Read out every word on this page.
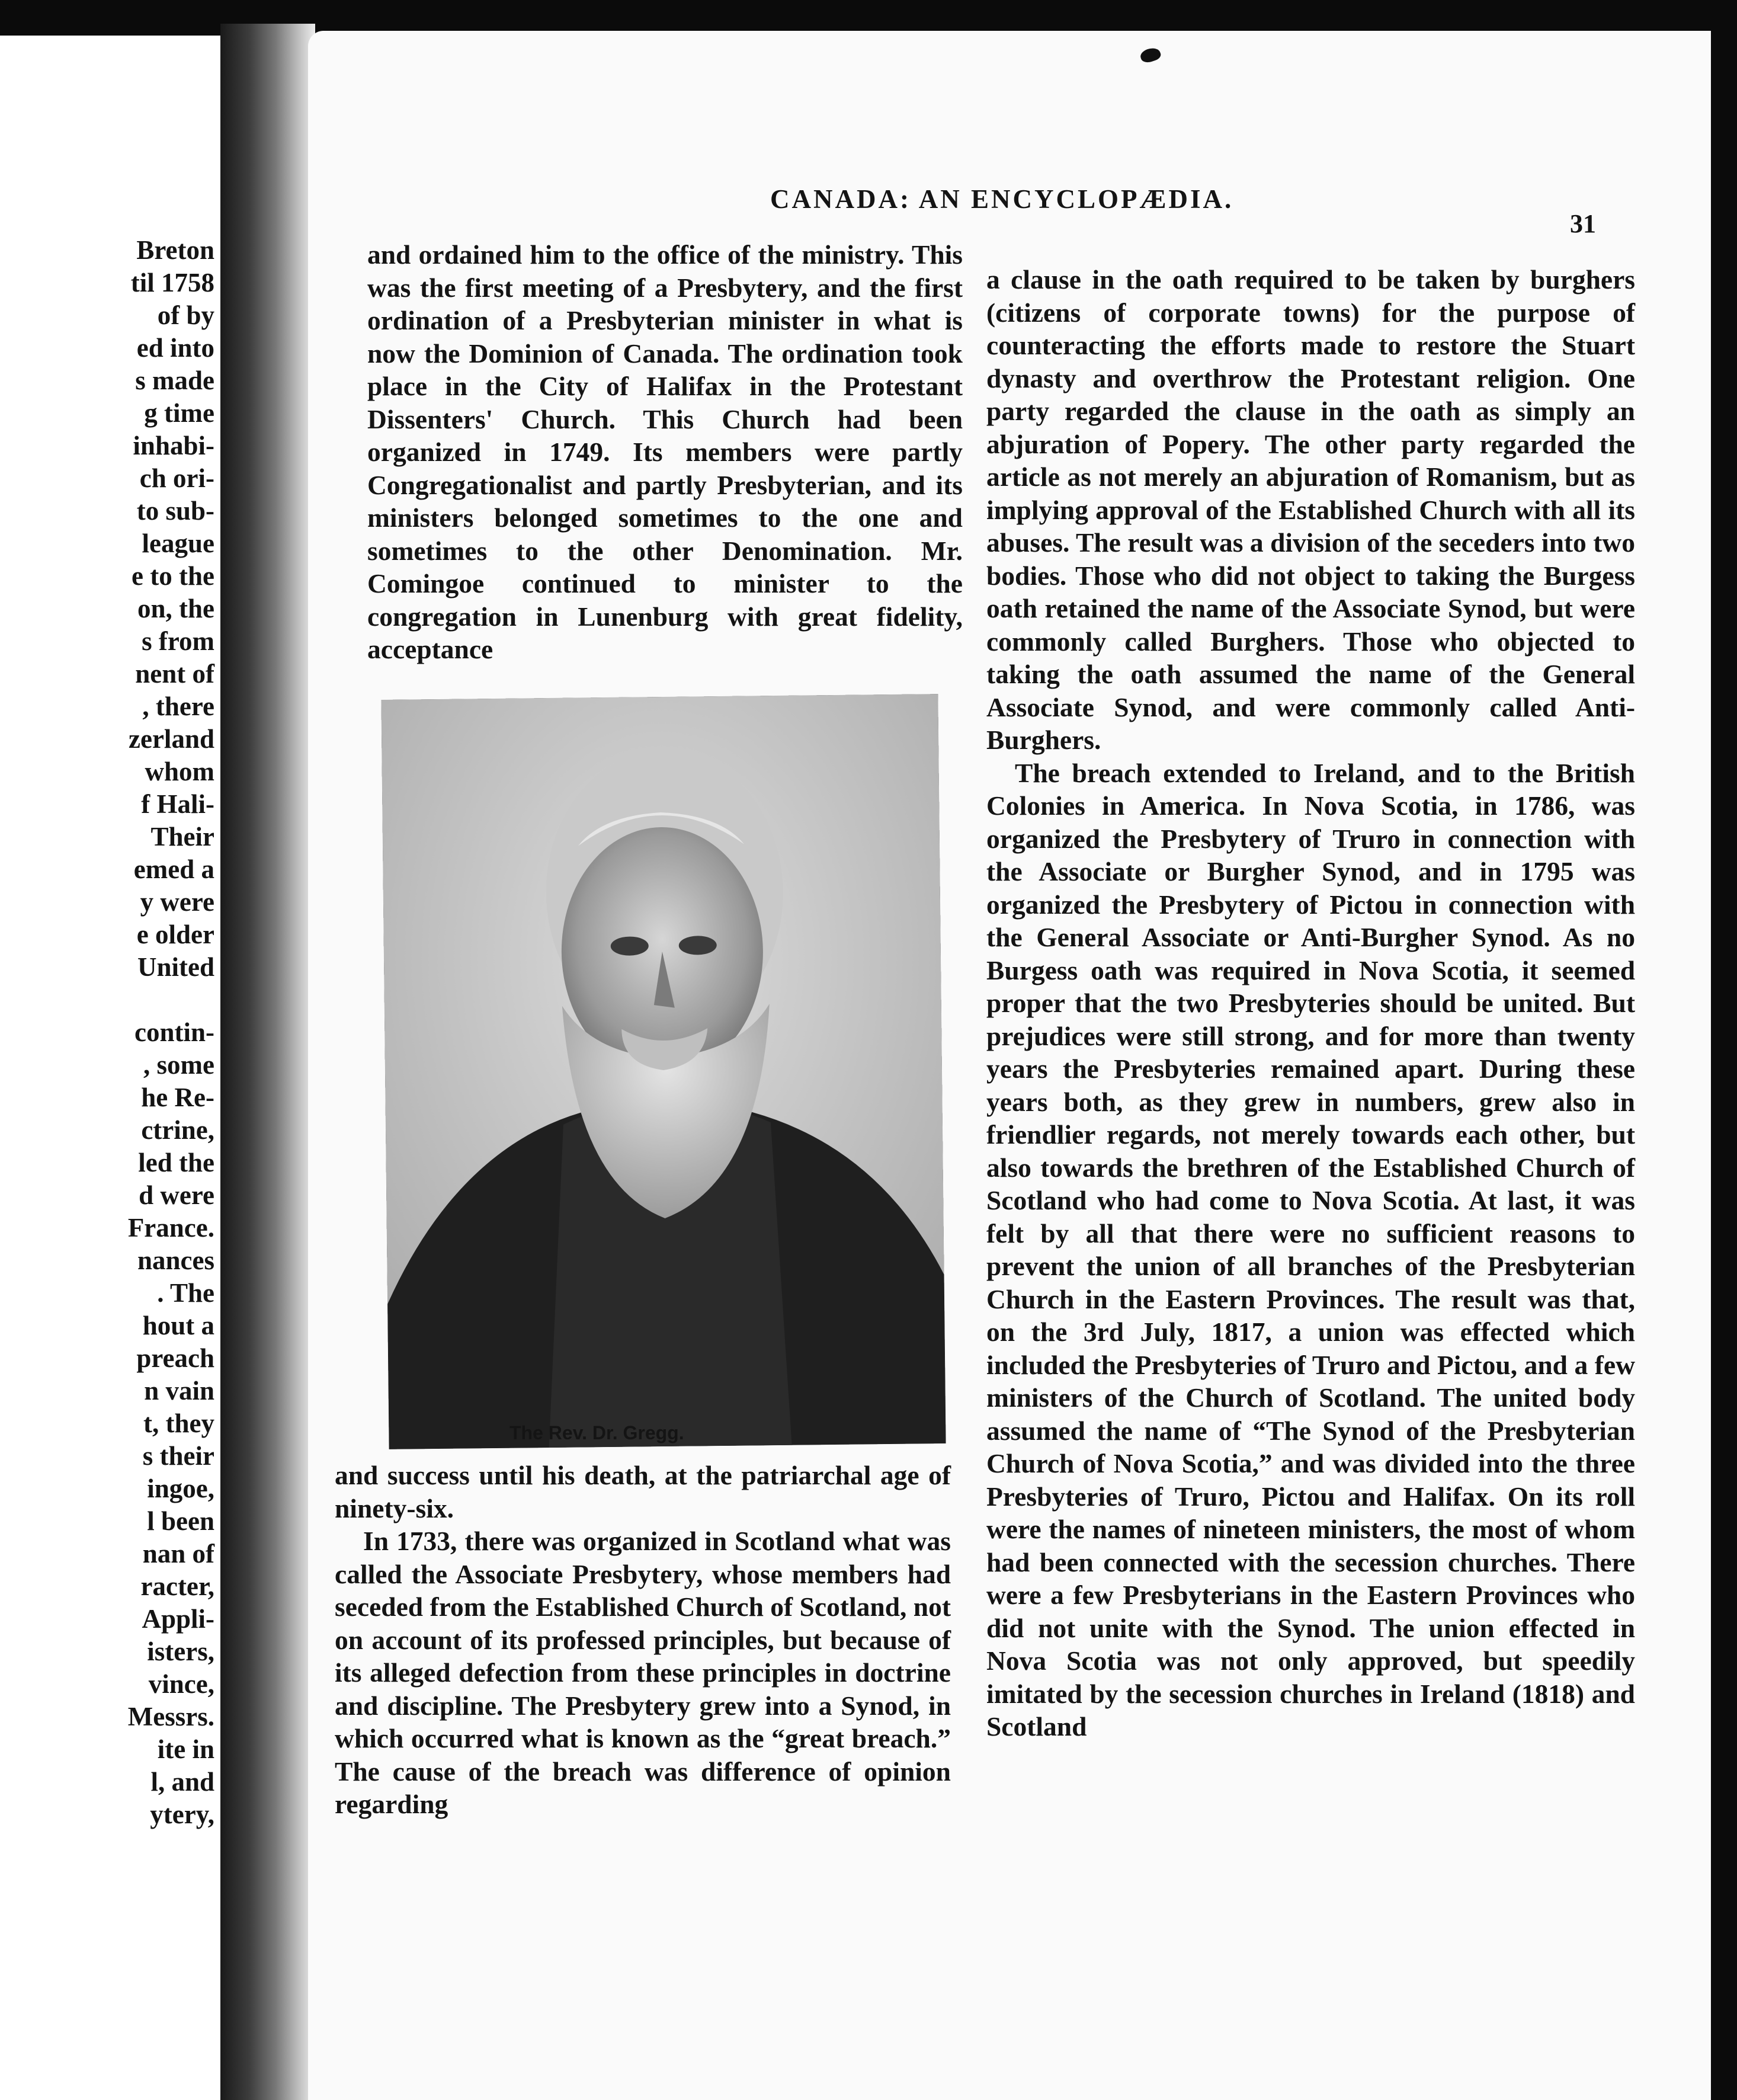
Breton
til 1758
of by
ed into
s made
g time
inhabi-
ch ori-
to sub-
league
e to the
on, the
s from
nent of
, there
zerland
whom
f Hali-
Their
emed a
y were
e older
United
contin-
, some
he Re-
ctrine,
led the
d were
France.
nances
. The
hout a
preach
n vain
t, they
s their
ingoe,
l been
nan of
racter,
Appli-
isters,
vince,
Messrs.
ite in
l, and
ytery,
CANADA: AN ENCYCLOPÆDIA.
31

and ordained him to the office of the ministry. This was the first meeting of a Presbytery, and the first ordination of a Presbyterian minister in what is now the Dominion of Canada. The ordination took place in the City of Halifax in the Protestant Dissenters' Church. This Church had been organized in 1749. Its members were partly Congregationalist and partly Presbyterian, and its ministers belonged sometimes to the one and sometimes to the other Denomination. Mr. Comingoe continued to minister to the congregation in Lunenburg with great fidelity, acceptance

The Rev. Dr. Gregg.

and success until his death, at the patriarchal age of ninety-six.

In 1733, there was organized in Scotland what was called the Associate Presbytery, whose members had seceded from the Established Church of Scotland, not on account of its professed principles, but because of its alleged defection from these principles in doctrine and discipline. The Presbytery grew into a Synod, in which occurred what is known as the “great breach.” The cause of the breach was difference of opinion regarding

a clause in the oath required to be taken by burghers (citizens of corporate towns) for the purpose of counteracting the efforts made to restore the Stuart dynasty and overthrow the Protestant religion. One party regarded the clause in the oath as simply an abjuration of Popery. The other party regarded the article as not merely an abjuration of Romanism, but as implying approval of the Established Church with all its abuses. The result was a division of the seceders into two bodies. Those who did not object to taking the Burgess oath retained the name of the Associate Synod, but were commonly called Burghers. Those who objected to taking the oath assumed the name of the General Associate Synod, and were commonly called Anti-Burghers.

The breach extended to Ireland, and to the British Colonies in America. In Nova Scotia, in 1786, was organized the Presbytery of Truro in connection with the Associate or Burgher Synod, and in 1795 was organized the Presbytery of Pictou in connection with the General Associate or Anti-Burgher Synod. As no Burgess oath was required in Nova Scotia, it seemed proper that the two Presbyteries should be united. But prejudices were still strong, and for more than twenty years the Presbyteries remained apart. During these years both, as they grew in numbers, grew also in friendlier regards, not merely towards each other, but also towards the brethren of the Established Church of Scotland who had come to Nova Scotia. At last, it was felt by all that there were no sufficient reasons to prevent the union of all branches of the Presbyterian Church in the Eastern Provinces. The result was that, on the 3rd July, 1817, a union was effected which included the Presbyteries of Truro and Pictou, and a few ministers of the Church of Scotland. The united body assumed the name of “The Synod of the Presbyterian Church of Nova Scotia,” and was divided into the three Presbyteries of Truro, Pictou and Halifax. On its roll were the names of nineteen ministers, the most of whom had been connected with the secession churches. There were a few Presbyterians in the Eastern Provinces who did not unite with the Synod. The union effected in Nova Scotia was not only approved, but speedily imitated by the secession churches in Ireland (1818) and Scotland
